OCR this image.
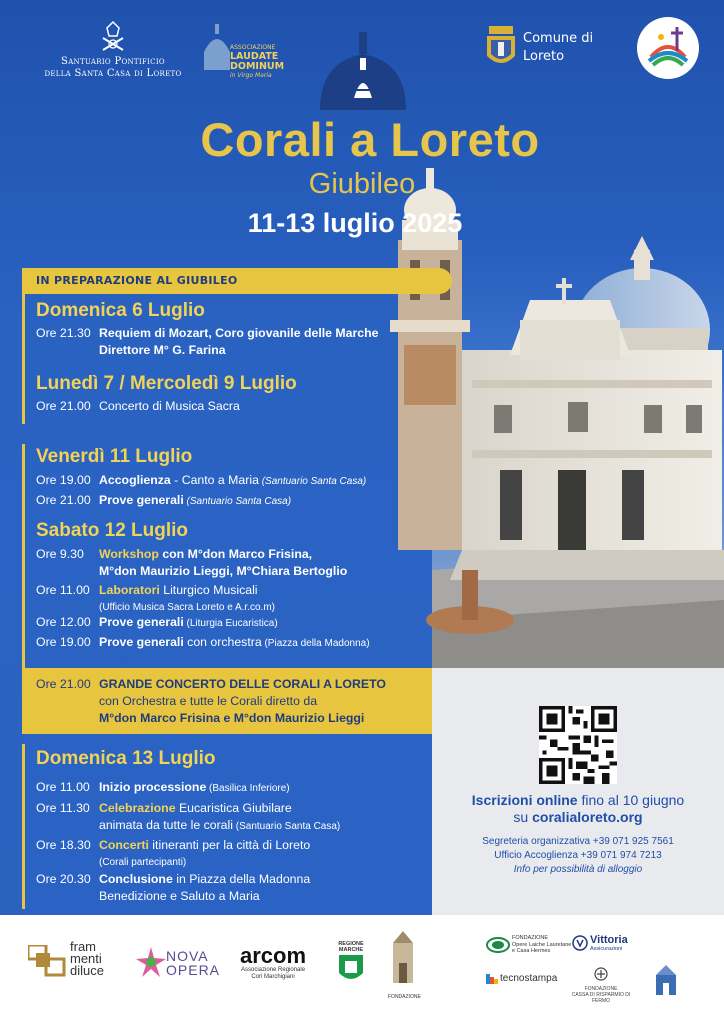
Santuario Pontificio
della Santa Casa di Loreto
ASSOCIAZIONE
LAUDATE
DOMINUM
in Virgo Maria
Comune di
Loreto
Corali a Loreto
Giubileo
11-13 luglio 2025
IN PREPARAZIONE AL GIUBILEO
Domenica 6 Luglio
Ore 21.30 Requiem di Mozart, Coro giovanile delle Marche
Direttore M° G. Farina
Lunedì 7 / Mercoledì 9 Luglio
Ore 21.00 Concerto di Musica Sacra
Venerdì 11 Luglio
Ore 19.00 Accoglienza - Canto a Maria (Santuario Santa Casa)
Ore 21.00 Prove generali (Santuario Santa Casa)
Sabato 12 Luglio
Ore 9.30 Workshop con M°don Marco Frisina,
M°don Maurizio Lieggi, M°Chiara Bertoglio
Ore 11.00 Laboratori Liturgico Musicali
(Ufficio Musica Sacra Loreto e A.r.co.m)
Ore 12.00 Prove generali (Liturgia Eucaristica)
Ore 19.00 Prove generali con orchestra (Piazza della Madonna)
Ore 21.00 GRANDE CONCERTO DELLE CORALI A LORETO
con Orchestra e tutte le Corali diretto da
M°don Marco Frisina e M°don Maurizio Lieggi
Domenica 13 Luglio
Ore 11.00 Inizio processione (Basilica Inferiore)
Ore 11.30 Celebrazione Eucaristica Giubilare
animata da tutte le corali (Santuario Santa Casa)
Ore 18.30 Concerti itineranti per la città di Loreto
(Corali partecipanti)
Ore 20.30 Conclusione in Piazza della Madonna
Benedizione e Saluto a Maria
Iscrizioni online fino al 10 giugno
su coralialoreto.org
Segreteria organizzativa +39 071 925 7561
Ufficio Accoglienza +39 071 974 7213
Info per possibilità di alloggio
fram
menti
diluce
NOVA
OPERA
arcom
Associazione Regionale
Cori Marchigiani
REGIONE
MARCHE
FONDAZIONE
FONDAZIONE
Opere Laiche Lauretane
e Casa Hermes
Vittoria
Assicurazioni
tecnostampa
FONDAZIONE
CASSA DI RISPARMIO DI FERMO
